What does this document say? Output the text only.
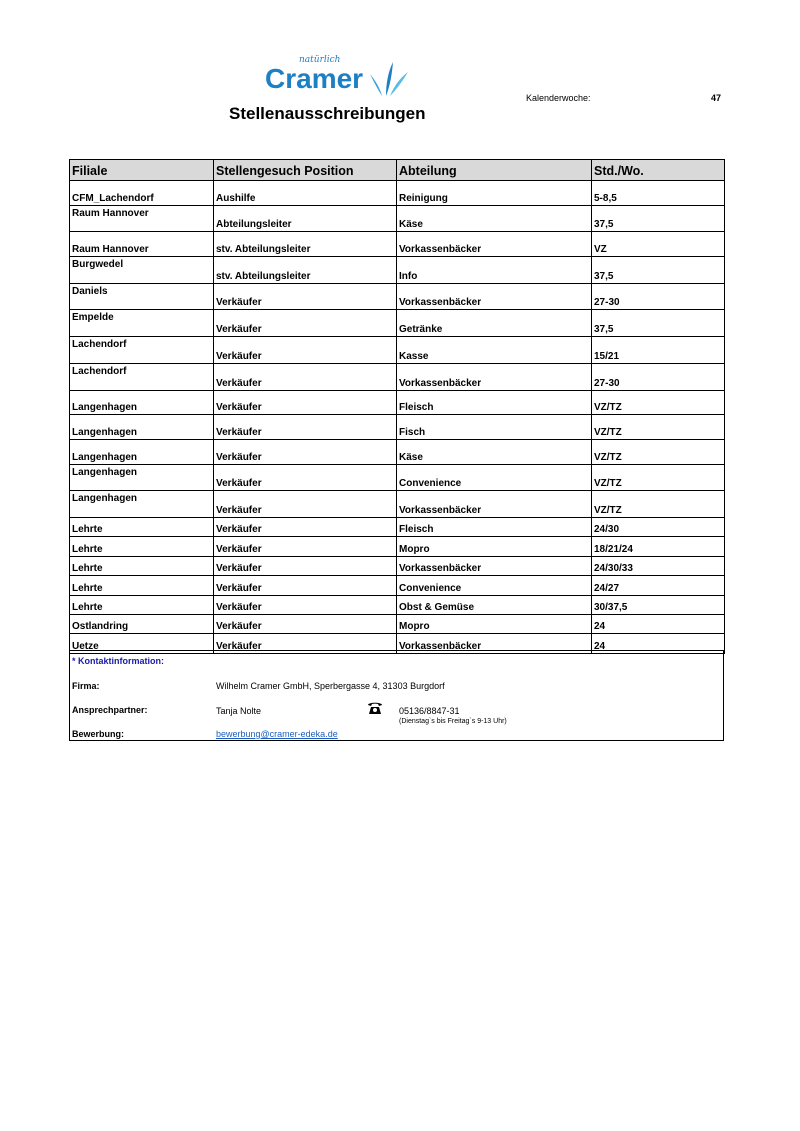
natürlich
Cramer
Stellenausschreibungen
Kalenderwoche:	47
Filiale	Stellengesuch Position	Abteilung	Std./Wo.
CFM_Lachendorf	Aushilfe	Reinigung	5-8,5
Raum Hannover	Abteilungsleiter	Käse	37,5
Raum Hannover	stv. Abteilungsleiter	Vorkassenbäcker	VZ
Burgwedel	stv. Abteilungsleiter	Info	37,5
Daniels	Verkäufer	Vorkassenbäcker	27-30
Empelde	Verkäufer	Getränke	37,5
Lachendorf	Verkäufer	Kasse	15/21
Lachendorf	Verkäufer	Vorkassenbäcker	27-30
Langenhagen	Verkäufer	Fleisch	VZ/TZ
Langenhagen	Verkäufer	Fisch	VZ/TZ
Langenhagen	Verkäufer	Käse	VZ/TZ
Langenhagen	Verkäufer	Convenience	VZ/TZ
Langenhagen	Verkäufer	Vorkassenbäcker	VZ/TZ
Lehrte	Verkäufer	Fleisch	24/30
Lehrte	Verkäufer	Mopro	18/21/24
Lehrte	Verkäufer	Vorkassenbäcker	24/30/33
Lehrte	Verkäufer	Convenience	24/27
Lehrte	Verkäufer	Obst & Gemüse	30/37,5
Ostlandring	Verkäufer	Mopro	24
Uetze	Verkäufer	Vorkassenbäcker	24
* Kontaktinformation:
Firma:	Wilhelm Cramer GmbH, Sperbergasse 4, 31303 Burgdorf
Ansprechpartner:	Tanja Nolte	05136/8847-31
(Dienstag`s bis Freitag`s 9-13 Uhr)
Bewerbung:	bewerbung@cramer-edeka.de
